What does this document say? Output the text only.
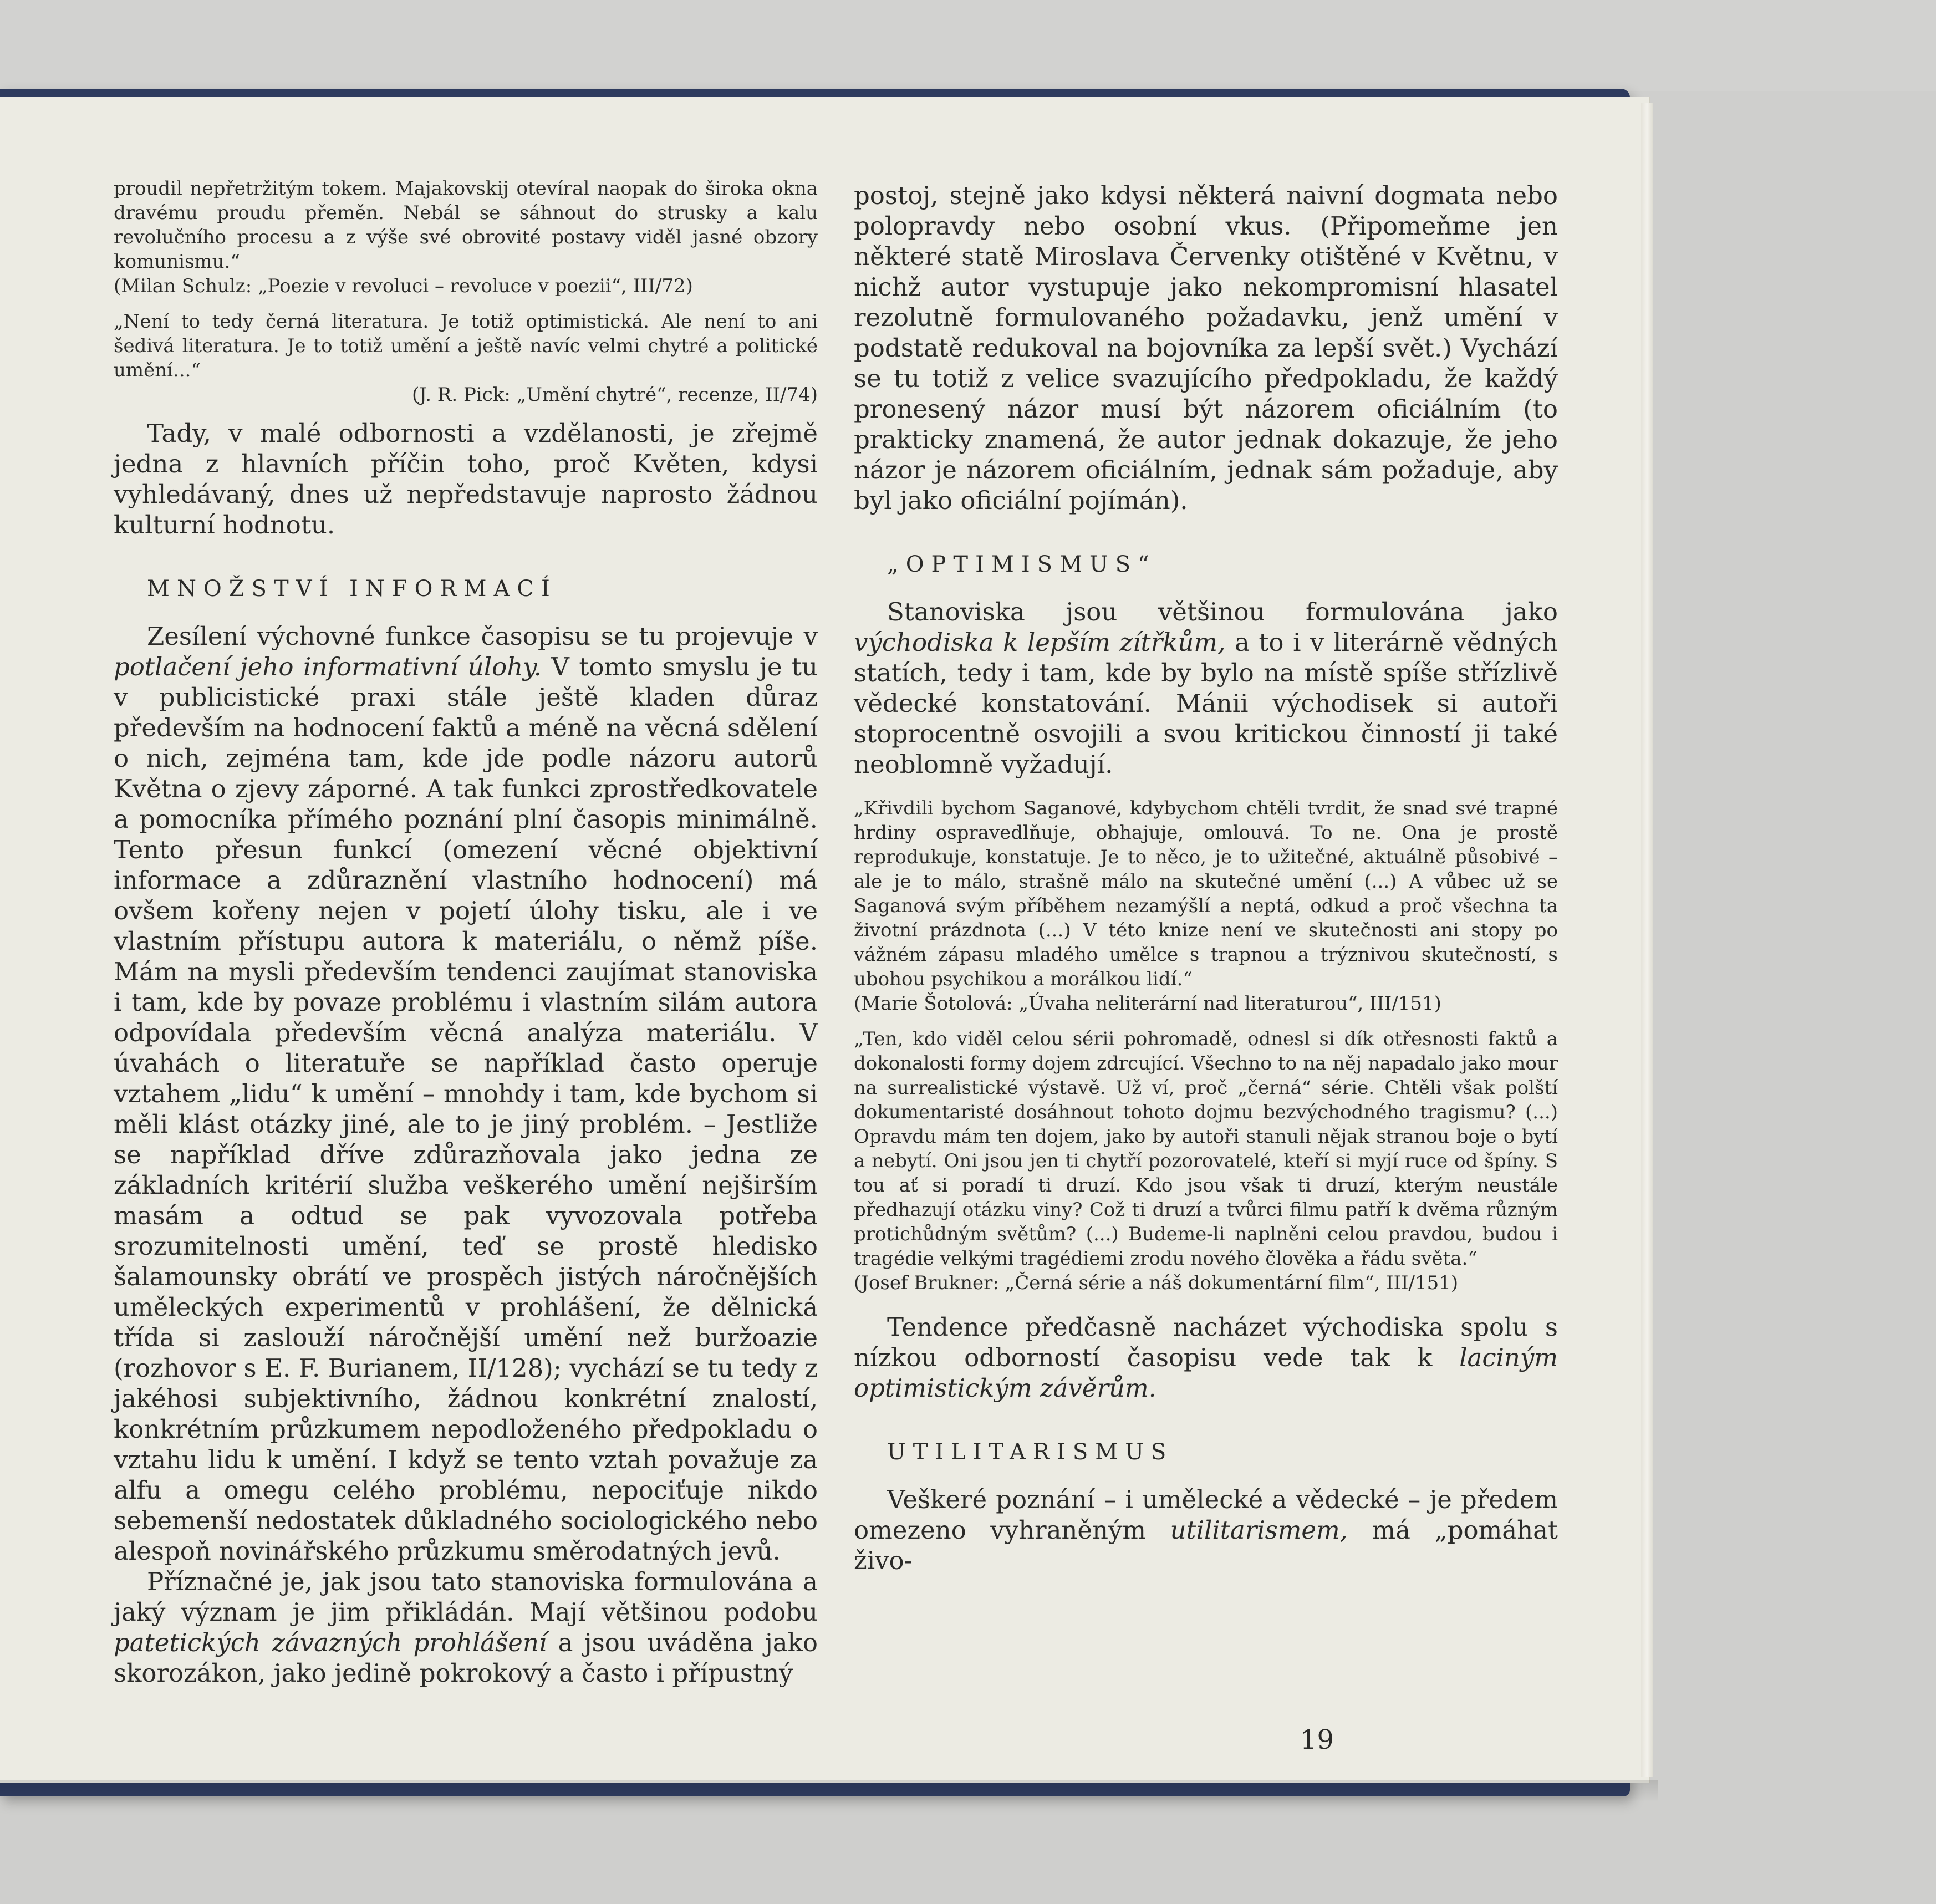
proudil nepřetržitým tokem. Majakovskij otevíral naopak do široka okna dravému proudu přeměn. Nebál se sáhnout do strusky a kalu revolučního procesu a z výše své obrovité postavy viděl jasné obzory komunismu.“

(Milan Schulz: „Poezie v revoluci – revoluce v poezii“, III/72)

„Není to tedy černá literatura. Je totiž optimistická. Ale není to ani šedivá literatura. Je to totiž umění a ještě navíc velmi chytré a politické umění...“

(J. R. Pick: „Umění chytré“, recenze, II/74)

Tady, v malé odbornosti a vzdělanosti, je zřejmě jedna z hlavních příčin toho, proč Květen, kdysi vyhledávaný, dnes už nepředstavuje naprosto žádnou kulturní hodnotu.

MNOŽSTVÍ INFORMACÍ

Zesílení výchovné funkce časopisu se tu projevuje v potlačení jeho informativní úlohy. V tomto smyslu je tu v publicistické praxi stále ještě kladen důraz především na hodnocení faktů a méně na věcná sdělení o nich, zejména tam, kde jde podle názoru autorů Května o zjevy záporné. A tak funkci zprostředkovatele a pomocníka přímého poznání plní časopis minimálně. Tento přesun funkcí (omezení věcné objektivní informace a zdůraznění vlastního hodnocení) má ovšem kořeny nejen v pojetí úlohy tisku, ale i ve vlastním přístupu autora k materiálu, o němž píše. Mám na mysli především tendenci zaujímat stanoviska i tam, kde by povaze problému i vlastním silám autora odpovídala především věcná analýza materiálu. V úvahách o literatuře se například často operuje vztahem „lidu“ k umění – mnohdy i tam, kde bychom si měli klást otázky jiné, ale to je jiný problém. – Jestliže se například dříve zdůrazňovala jako jedna ze základních kritérií služba veškerého umění nejširším masám a odtud se pak vyvozovala potřeba srozumitelnosti umění, teď se prostě hledisko šalamounsky obrátí ve prospěch jistých náročnějších uměleckých experimentů v prohlášení, že dělnická třída si zaslouží náročnější umění než buržoazie (rozhovor s E. F. Burianem, II/128); vychází se tu tedy z jakéhosi subjektivního, žádnou konkrétní znalostí, konkrétním průzkumem nepodloženého předpokladu o vztahu lidu k umění. I když se tento vztah považuje za alfu a omegu celého problému, nepociťuje nikdo sebemenší nedostatek důkladného sociologického nebo alespoň novinářského průzkumu směrodatných jevů.

Příznačné je, jak jsou tato stanoviska formulována a jaký význam je jim přikládán. Mají většinou podobu patetických závazných prohlášení a jsou uváděna jako skorozákon, jako jedině pokrokový a často i přípustný

postoj, stejně jako kdysi některá naivní dogmata nebo polopravdy nebo osobní vkus. (Připomeňme jen některé statě Miroslava Červenky otištěné v Květnu, v nichž autor vystupuje jako nekompromisní hlasatel rezolutně formulovaného požadavku, jenž umění v podstatě redukoval na bojovníka za lepší svět.) Vychází se tu totiž z velice svazujícího předpokladu, že každý pronesený názor musí být názorem oficiálním (to prakticky znamená, že autor jednak dokazuje, že jeho názor je názorem oficiálním, jednak sám požaduje, aby byl jako oficiální pojímán).

„OPTIMISMUS“

Stanoviska jsou většinou formulována jako východiska k lepším zítřkům, a to i v literárně vědných statích, tedy i tam, kde by bylo na místě spíše střízlivě vědecké konstatování. Mánii východisek si autoři stoprocentně osvojili a svou kritickou činností ji také neoblomně vyžadují.

„Křivdili bychom Saganové, kdybychom chtěli tvrdit, že snad své trapné hrdiny ospravedlňuje, obhajuje, omlouvá. To ne. Ona je prostě reprodukuje, konstatuje. Je to něco, je to užitečné, aktuálně působivé – ale je to málo, strašně málo na skutečné umění (...) A vůbec už se Saganová svým příběhem nezamýšlí a neptá, odkud a proč všechna ta životní prázdnota (...) V této knize není ve skutečnosti ani stopy po vážném zápasu mladého umělce s trapnou a trýznivou skutečností, s ubohou psychikou a morálkou lidí.“

(Marie Šotolová: „Úvaha neliterární nad literaturou“, III/151)

„Ten, kdo viděl celou sérii pohromadě, odnesl si dík otřesnosti faktů a dokonalosti formy dojem zdrcující. Všechno to na něj napadalo jako mour na surrealistické výstavě. Už ví, proč „černá“ série. Chtěli však polští dokumentaristé dosáhnout tohoto dojmu bezvýchodného tragismu? (...) Opravdu mám ten dojem, jako by autoři stanuli nějak stranou boje o bytí a nebytí. Oni jsou jen ti chytří pozorovatelé, kteří si myjí ruce od špíny. S tou ať si poradí ti druzí. Kdo jsou však ti druzí, kterým neustále předhazují otázku viny? Což ti druzí a tvůrci filmu patří k dvěma různým protichůdným světům? (...) Budeme-li naplněni celou pravdou, budou i tragédie velkými tragédiemi zrodu nového člověka a řádu světa.“

(Josef Brukner: „Černá série a náš dokumentární film“, III/151)

Tendence předčasně nacházet východiska spolu s nízkou odborností časopisu vede tak k laciným optimistickým závěrům.

UTILITARISMUS

Veškeré poznání – i umělecké a vědecké – je předem omezeno vyhraněným utilitarismem, má „pomáhat živo-

19
